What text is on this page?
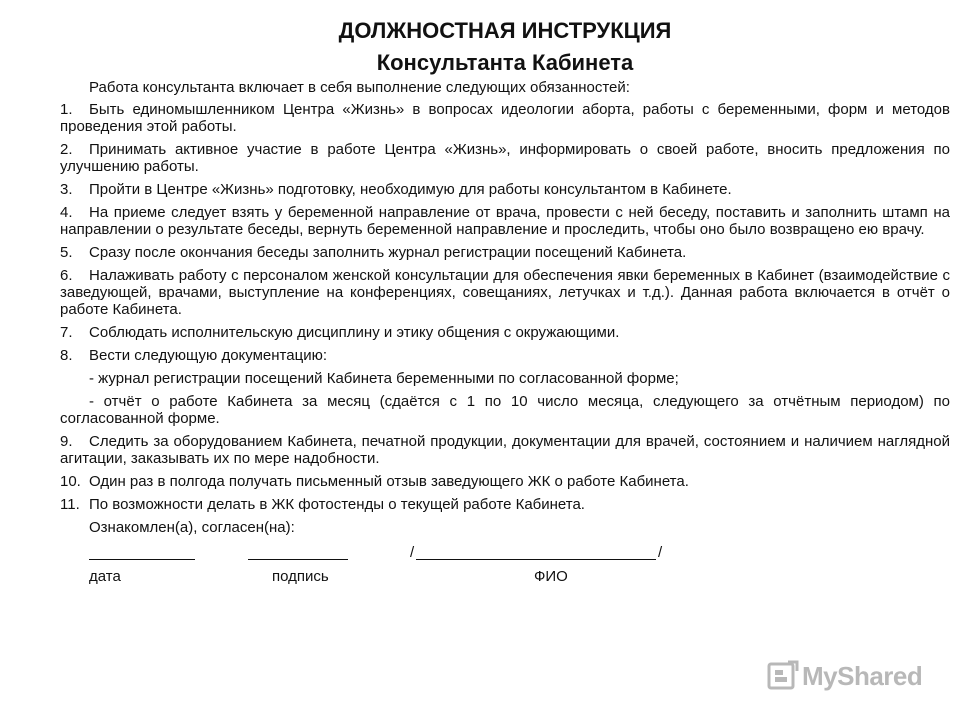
ДОЛЖНОСТНАЯ ИНСТРУКЦИЯ
Консультанта Кабинета
Работа консультанта включает в себя выполнение следующих обязанностей:
1. Быть единомышленником Центра «Жизнь» в вопросах идеологии аборта, работы с беременными, форм и методов проведения этой работы.
2. Принимать активное участие в работе Центра «Жизнь», информировать о своей работе, вносить предложения по улучшению работы.
3. Пройти в Центре «Жизнь» подготовку, необходимую для работы консультантом в Кабинете.
4. На приеме следует взять у беременной направление от врача, провести с ней беседу, поставить и заполнить штамп на направлении о результате беседы, вернуть беременной направление и проследить, чтобы оно было возвращено ею врачу.
5. Сразу после окончания беседы заполнить журнал регистрации посещений Кабинета.
6. Налаживать работу с персоналом женской консультации для обеспечения явки беременных в Кабинет (взаимодействие с заведующей, врачами, выступление на конференциях, совещаниях, летучках и т.д.). Данная работа включается в отчёт о работе Кабинета.
7. Соблюдать исполнительскую дисциплину и этику общения с окружающими.
8. Вести следующую документацию:
- журнал регистрации посещений Кабинета беременными по согласованной форме;
- отчёт о работе Кабинета за месяц (сдаётся с 1 по 10 число месяца, следующего за отчётным периодом) по согласованной форме.
9. Следить за оборудованием Кабинета, печатной продукции, документации для врачей, состоянием и наличием наглядной агитации, заказывать их по мере надобности.
10. Один раз в полгода получать письменный отзыв заведующего ЖК о работе Кабинета.
11. По возможности делать в ЖК фотостенды о текущей работе Кабинета.
Ознакомлен(а), согласен(на):
/	/
дата	подпись	ФИО
MyShared
